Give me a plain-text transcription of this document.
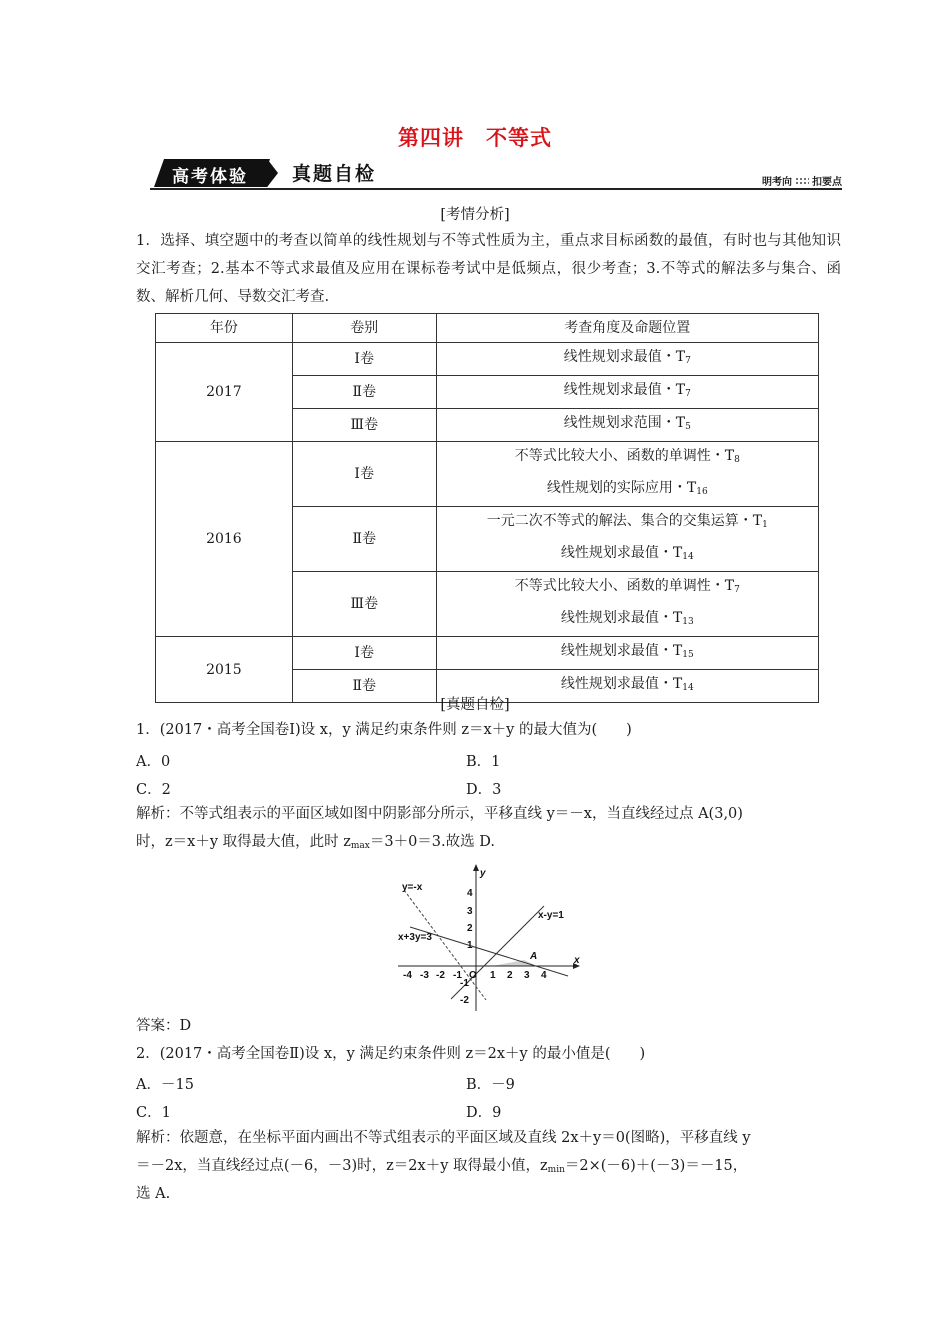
第四讲　不等式
高考体验 真题自检	明考向 扣要点
[考情分析]
1．选择、填空题中的考查以简单的线性规划与不等式性质为主，重点求目标函数的最值，有时也与其他知识交汇考查；2.基本不等式求最值及应用在课标卷考试中是低频点，很少考查；3.不等式的解法多与集合、函数、解析几何、导数交汇考查.
年份	卷别	考查角度及命题位置
2017	Ⅰ卷	线性规划求最值・$T_7$
	Ⅱ卷	线性规划求最值・$T_7$
	Ⅲ卷	线性规划求范围・$T_5$
2016	Ⅰ卷	不等式比较大小、函数的单调性・$T_8$
线性规划的实际应用・$T_{16}$
	Ⅱ卷	一元二次不等式的解法、集合的交集运算・$T_1$
线性规划求最值・$T_{14}$
	Ⅲ卷	不等式比较大小、函数的单调性・$T_7$
线性规划求最值・$T_{13}$
2015	Ⅰ卷	线性规划求最值・$T_{15}$
	Ⅱ卷	线性规划求最值・$T_{14}$
[真题自检]
1．(2017・高考全国卷Ⅰ)设 x，y 满足约束条件则 z＝x＋y 的最大值为(　　)
A．0	B．1
C．2	D．3
解析：不等式组表示的平面区域如图中阴影部分所示，平移直线 y＝－x，当直线经过点 A(3,0)
时，z＝x＋y 取得最大值，此时 $z_{max}=3+0=3$.故选 D.
y=-x
x-y=1
x+3y=3
A	x
y
O
-4 -3 -2 -1	1 2 3 4
4
3
2
1
-1
-2
答案：D
2．(2017・高考全国卷Ⅱ)设 x，y 满足约束条件则 z＝2x＋y 的最小值是(　　)
A．－15	B．－9
C．1	D．9
解析：依题意，在坐标平面内画出不等式组表示的平面区域及直线 2x＋y＝0(图略)，平移直线 y
＝－2x，当直线经过点(－6，－3)时，z＝2x＋y 取得最小值，$z_{min}=2\times(-6)+(-3)=-15$，
选 A.
